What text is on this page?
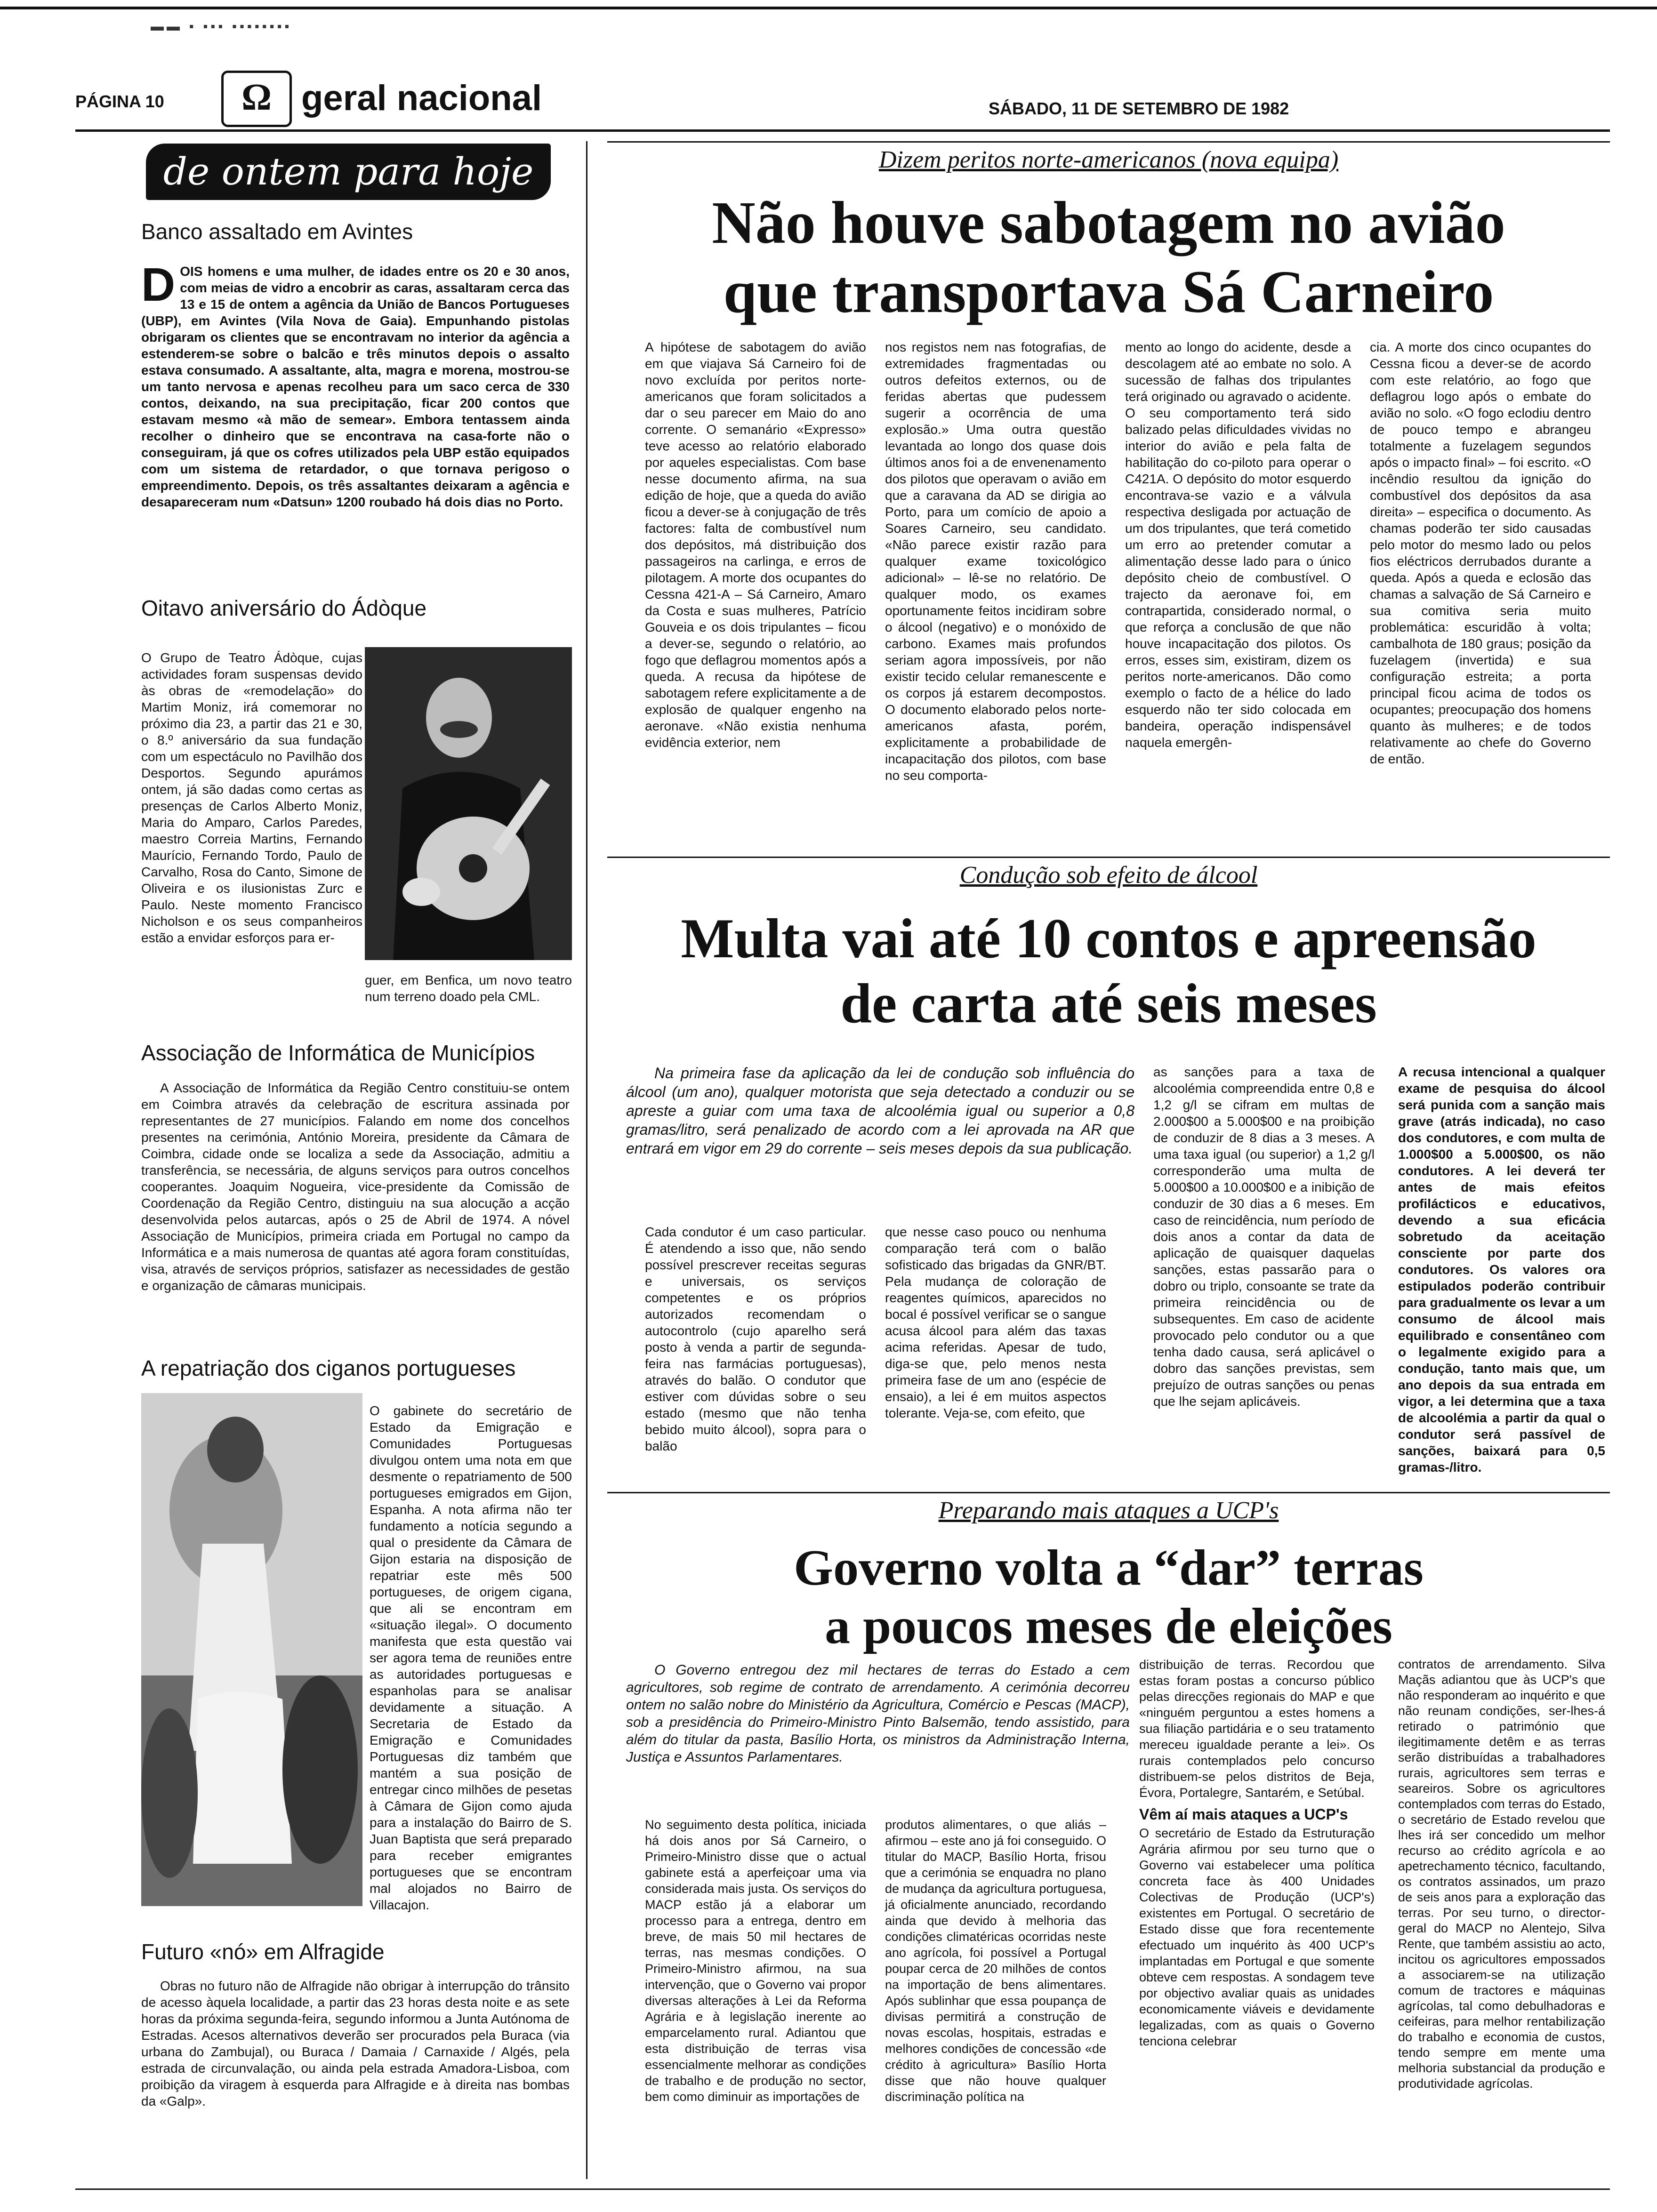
▬▬ ▪ ▪▪▪ ▪▪▪▪▪▪▪▪
PÁGINA 10	Ω geral nacional	SÁBADO, 11 DE SETEMBRO DE 1982
de ontem para hoje
Banco assaltado em Avintes
D OIS homens e uma mulher, de idades entre os 20 e 30 anos, com meias de vidro a encobrir as caras, assaltaram cerca das 13 e 15 de ontem a agência da União de Bancos Portugueses (UBP), em Avintes (Vila Nova de Gaia). Empunhando pistolas obrigaram os clientes que se encontravam no interior da agência a estenderem-se sobre o balcão e três minutos depois o assalto estava consumado. A assaltante, alta, magra e morena, mostrou-se um tanto nervosa e apenas recolheu para um saco cerca de 330 contos, deixando, na sua precipitação, ficar 200 contos que estavam mesmo «à mão de semear». Embora tentassem ainda recolher o dinheiro que se encontrava na casa-forte não o conseguiram, já que os cofres utilizados pela UBP estão equipados com um sistema de retardador, o que tornava perigoso o empreendimento. Depois, os três assaltantes deixaram a agência e desapareceram num «Datsun» 1200 roubado há dois dias no Porto.

Oitavo aniversário do Ádòque

O Grupo de Teatro Ádòque, cujas actividades foram suspensas devido às obras de «remodelação» do Martim Moniz, irá comemorar no próximo dia 23, a partir das 21 e 30, o 8.º aniversário da sua fundação com um espectáculo no Pavilhão dos Desportos. Segundo apurámos ontem, já são dadas como certas as presenças de Carlos Alberto Moniz, Maria do Amparo, Carlos Paredes, maestro Correia Martins, Fernando Maurício, Fernando Tordo, Paulo de Carvalho, Rosa do Canto, Simone de Oliveira e os ilusionistas Zurc e Paulo. Neste momento Francisco Nicholson e os seus companheiros estão a envidar esforços para er-

guer, em Benfica, um novo teatro num terreno doado pela CML.

Associação de Informática de Municípios

A Associação de Informática da Região Centro constituiu-se ontem em Coimbra através da celebração de escritura assinada por representantes de 27 municípios. Falando em nome dos concelhos presentes na cerimónia, António Moreira, presidente da Câmara de Coimbra, cidade onde se localiza a sede da Associação, admitiu a transferência, se necessária, de alguns serviços para outros concelhos cooperantes. Joaquim Nogueira, vice-presidente da Comissão de Coordenação da Região Centro, distinguiu na sua alocução a acção desenvolvida pelos autarcas, após o 25 de Abril de 1974. A nóvel Associação de Municípios, primeira criada em Portugal no campo da Informática e a mais numerosa de quantas até agora foram constituídas, visa, através de serviços próprios, satisfazer as necessidades de gestão e organização de câmaras municipais.

A repatriação dos ciganos portugueses

O gabinete do secretário de Estado da Emigração e Comunidades Portuguesas divulgou ontem uma nota em que desmente o repatriamento de 500 portugueses emigrados em Gijon, Espanha. A nota afirma não ter fundamento a notícia segundo a qual o presidente da Câmara de Gijon estaria na disposição de repatriar este mês 500 portugueses, de origem cigana, que ali se encontram em «situação ilegal». O documento manifesta que esta questão vai ser agora tema de reuniões entre as autoridades portuguesas e espanholas para se analisar devidamente a situação. A Secretaria de Estado da Emigração e Comunidades Portuguesas diz também que mantém a sua posição de entregar cinco milhões de pesetas à Câmara de Gijon como ajuda para a instalação do Bairro de S. Juan Baptista que será preparado para receber emigrantes portugueses que se encontram mal alojados no Bairro de Villacajon.

Futuro «nó» em Alfragide

Obras no futuro não de Alfragide não obrigar à interrupção do trânsito de acesso àquela localidade, a partir das 23 horas desta noite e as sete horas da próxima segunda-feira, segundo informou a Junta Autónoma de Estradas. Acesos alternativos deverão ser procurados pela Buraca (via urbana do Zambujal), ou Buraca / Damaia / Carnaxide / Algés, pela estrada de circunvalação, ou ainda pela estrada Amadora-Lisboa, com proibição da viragem à esquerda para Alfragide e à direita nas bombas da «Galp».

Dizem peritos norte-americanos (nova equipa)
Não houve sabotagem no avião
que transportava Sá Carneiro

A hipótese de sabotagem do avião em que viajava Sá Carneiro foi de novo excluída por peritos norte-americanos que foram solicitados a dar o seu parecer em Maio do ano corrente. O semanário «Expresso» teve acesso ao relatório elaborado por aqueles especialistas. Com base nesse documento afirma, na sua edição de hoje, que a queda do avião ficou a dever-se à conjugação de três factores: falta de combustível num dos depósitos, má distribuição dos passageiros na carlinga, e erros de pilotagem. A morte dos ocupantes do Cessna 421-A – Sá Carneiro, Amaro da Costa e suas mulheres, Patrício Gouveia e os dois tripulantes – ficou a dever-se, segundo o relatório, ao fogo que deflagrou momentos após a queda. A recusa da hipótese de sabotagem refere explicitamente a de explosão de qualquer engenho na aeronave. «Não existia nenhuma evidência exterior, nem

nos registos nem nas fotografias, de extremidades fragmentadas ou outros defeitos externos, ou de feridas abertas que pudessem sugerir a ocorrência de uma explosão.» Uma outra questão levantada ao longo dos quase dois últimos anos foi a de envenenamento dos pilotos que operavam o avião em que a caravana da AD se dirigia ao Porto, para um comício de apoio a Soares Carneiro, seu candidato. «Não parece existir razão para qualquer exame toxicológico adicional» – lê-se no relatório. De qualquer modo, os exames oportunamente feitos incidiram sobre o álcool (negativo) e o monóxido de carbono. Exames mais profundos seriam agora impossíveis, por não existir tecido celular remanescente e os corpos já estarem decompostos. O documento elaborado pelos norte-americanos afasta, porém, explicitamente a probabilidade de incapacitação dos pilotos, com base no seu comporta-

mento ao longo do acidente, desde a descolagem até ao embate no solo. A sucessão de falhas dos tripulantes terá originado ou agravado o acidente. O seu comportamento terá sido balizado pelas dificuldades vividas no interior do avião e pela falta de habilitação do co-piloto para operar o C421A. O depósito do motor esquerdo encontrava-se vazio e a válvula respectiva desligada por actuação de um dos tripulantes, que terá cometido um erro ao pretender comutar a alimentação desse lado para o único depósito cheio de combustível. O trajecto da aeronave foi, em contrapartida, considerado normal, o que reforça a conclusão de que não houve incapacitação dos pilotos. Os erros, esses sim, existiram, dizem os peritos norte-americanos. Dão como exemplo o facto de a hélice do lado esquerdo não ter sido colocada em bandeira, operação indispensável naquela emergên-

cia. A morte dos cinco ocupantes do Cessna ficou a dever-se de acordo com este relatório, ao fogo que deflagrou logo após o embate do avião no solo. «O fogo eclodiu dentro de pouco tempo e abrangeu totalmente a fuzelagem segundos após o impacto final» – foi escrito. «O incêndio resultou da ignição do combustível dos depósitos da asa direita» – especifica o documento. As chamas poderão ter sido causadas pelo motor do mesmo lado ou pelos fios eléctricos derrubados durante a queda. Após a queda e eclosão das chamas a salvação de Sá Carneiro e sua comitiva seria muito problemática: escuridão à volta; cambalhota de 180 graus; posição da fuzelagem (invertida) e sua configuração estreita; a porta principal ficou acima de todos os ocupantes; preocupação dos homens quanto às mulheres; e de todos relativamente ao chefe do Governo de então.

Condução sob efeito de álcool
Multa vai até 10 contos e apreensão
de carta até seis meses

Na primeira fase da aplicação da lei de condução sob influência do álcool (um ano), qualquer motorista que seja detectado a conduzir ou se apreste a guiar com uma taxa de alcoolémia igual ou superior a 0,8 gramas/litro, será penalizado de acordo com a lei aprovada na AR que entrará em vigor em 29 do corrente – seis meses depois da sua publicação.

Cada condutor é um caso particular. É atendendo a isso que, não sendo possível prescrever receitas seguras e universais, os serviços competentes e os próprios autorizados recomendam o autocontrolo (cujo aparelho será posto à venda a partir de segunda-feira nas farmácias portuguesas), através do balão. O condutor que estiver com dúvidas sobre o seu estado (mesmo que não tenha bebido muito álcool), sopra para o balão

que nesse caso pouco ou nenhuma comparação terá com o balão sofisticado das brigadas da GNR/BT. Pela mudança de coloração de reagentes químicos, aparecidos no bocal é possível verificar se o sangue acusa álcool para além das taxas acima referidas. Apesar de tudo, diga-se que, pelo menos nesta primeira fase de um ano (espécie de ensaio), a lei é em muitos aspectos tolerante. Veja-se, com efeito, que

as sanções para a taxa de alcoolémia compreendida entre 0,8 e 1,2 g/l se cifram em multas de 2.000$00 a 5.000$00 e na proibição de conduzir de 8 dias a 3 meses. A uma taxa igual (ou superior) a 1,2 g/l corresponderão uma multa de 5.000$00 a 10.000$00 e a inibição de conduzir de 30 dias a 6 meses. Em caso de reincidência, num período de dois anos a contar da data de aplicação de quaisquer daquelas sanções, estas passarão para o dobro ou triplo, consoante se trate da primeira reincidência ou de subsequentes. Em caso de acidente provocado pelo condutor ou a que tenha dado causa, será aplicável o dobro das sanções previstas, sem prejuízo de outras sanções ou penas que lhe sejam aplicáveis.

A recusa intencional a qualquer exame de pesquisa do álcool será punida com a sanção mais grave (atrás indicada), no caso dos condutores, e com multa de 1.000$00 a 5.000$00, os não condutores. A lei deverá ter antes de mais efeitos profilácticos e educativos, devendo a sua eficácia sobretudo da aceitação consciente por parte dos condutores. Os valores ora estipulados poderão contribuir para gradualmente os levar a um consumo de álcool mais equilibrado e consentâneo com o legalmente exigido para a condução, tanto mais que, um ano depois da sua entrada em vigor, a lei determina que a taxa de alcoolémia a partir da qual o condutor será passível de sanções, baixará para 0,5 gramas-/litro.

Preparando mais ataques a UCP's
Governo volta a “dar” terras
a poucos meses de eleições

O Governo entregou dez mil hectares de terras do Estado a cem agricultores, sob regime de contrato de arrendamento. A cerimónia decorreu ontem no salão nobre do Ministério da Agricultura, Comércio e Pescas (MACP), sob a presidência do Primeiro-Ministro Pinto Balsemão, tendo assistido, para além do titular da pasta, Basílio Horta, os ministros da Administração Interna, Justiça e Assuntos Parlamentares.

No seguimento desta política, iniciada há dois anos por Sá Carneiro, o Primeiro-Ministro disse que o actual gabinete está a aperfeiçoar uma via considerada mais justa. Os serviços do MACP estão já a elaborar um processo para a entrega, dentro em breve, de mais 50 mil hectares de terras, nas mesmas condições. O Primeiro-Ministro afirmou, na sua intervenção, que o Governo vai propor diversas alterações à Lei da Reforma Agrária e à legislação inerente ao emparcelamento rural. Adiantou que esta distribuição de terras visa essencialmente melhorar as condições de trabalho e de produção no sector, bem como diminuir as importações de

produtos alimentares, o que aliás – afirmou – este ano já foi conseguido. O titular do MACP, Basílio Horta, frisou que a cerimónia se enquadra no plano de mudança da agricultura portuguesa, já oficialmente anunciado, recordando ainda que devido à melhoria das condições climatéricas ocorridas neste ano agrícola, foi possível a Portugal poupar cerca de 20 milhões de contos na importação de bens alimentares. Após sublinhar que essa poupança de divisas permitirá a construção de novas escolas, hospitais, estradas e melhores condições de concessão «de crédito à agricultura» Basílio Horta disse que não houve qualquer discriminação política na

distribuição de terras. Recordou que estas foram postas a concurso público pelas direcções regionais do MAP e que «ninguém perguntou a estes homens a sua filiação partidária e o seu tratamento mereceu igualdade perante a lei». Os rurais contemplados pelo concurso distribuem-se pelos distritos de Beja, Évora, Portalegre, Santarém, e Setúbal.

Vêm aí mais ataques a UCP's

O secretário de Estado da Estruturação Agrária afirmou por seu turno que o Governo vai estabelecer uma política concreta face às 400 Unidades Colectivas de Produção (UCP's) existentes em Portugal. O secretário de Estado disse que fora recentemente efectuado um inquérito às 400 UCP's implantadas em Portugal e que somente obteve cem respostas. A sondagem teve por objectivo avaliar quais as unidades economicamente viáveis e devidamente legalizadas, com as quais o Governo tenciona celebrar

contratos de arrendamento. Silva Maçãs adiantou que às UCP's que não responderam ao inquérito e que não reunam condições, ser-lhes-á retirado o património que ilegitimamente detêm e as terras serão distribuídas a trabalhadores rurais, agricultores sem terras e seareiros. Sobre os agricultores contemplados com terras do Estado, o secretário de Estado revelou que lhes irá ser concedido um melhor recurso ao crédito agrícola e ao apetrechamento técnico, facultando, os contratos assinados, um prazo de seis anos para a exploração das terras. Por seu turno, o director-geral do MACP no Alentejo, Silva Rente, que também assistiu ao acto, incitou os agricultores empossados a associarem-se na utilização comum de tractores e máquinas agrícolas, tal como debulhadoras e ceifeiras, para melhor rentabilização do trabalho e economia de custos, tendo sempre em mente uma melhoria substancial da produção e produtividade agrícolas.
